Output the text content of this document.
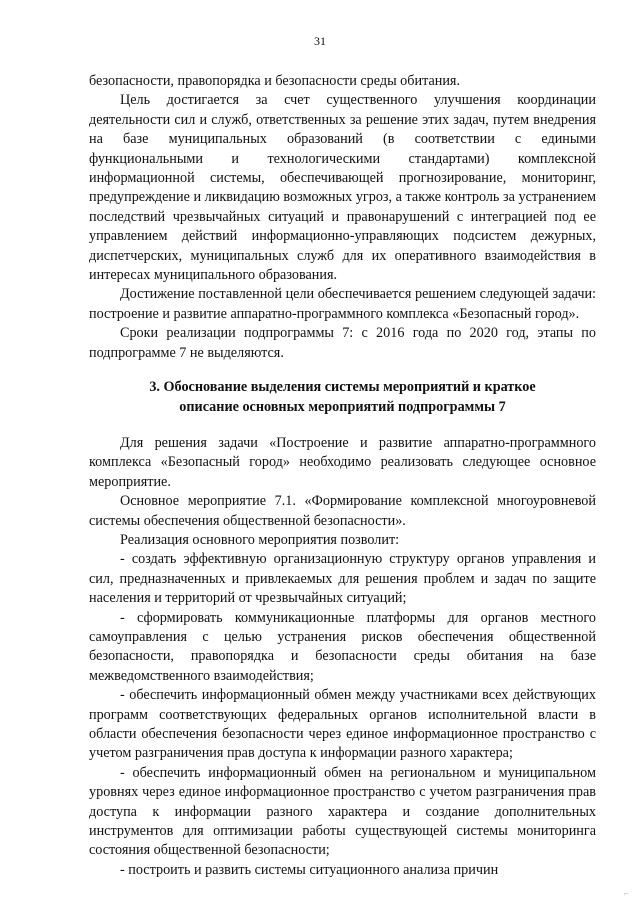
31

безопасности, правопорядка и безопасности среды обитания.

Цель достигается за счет существенного улучшения координации деятельности сил и служб, ответственных за решение этих задач, путем внедрения на базе муниципальных образований (в соответствии с едиными функциональными и технологическими стандартами) комплексной информационной системы, обеспечивающей прогнозирование, мониторинг, предупреждение и ликвидацию возможных угроз, а также контроль за устранением последствий чрезвычайных ситуаций и правонарушений с интеграцией под ее управлением действий информационно-управляющих подсистем дежурных, диспетчерских, муниципальных служб для их оперативного взаимодействия в интересах муниципального образования.

Достижение поставленной цели обеспечивается решением следующей задачи: построение и развитие аппаратно-программного комплекса «Безопасный город».

Сроки реализации подпрограммы 7: с 2016 года по 2020 год, этапы по подпрограмме 7 не выделяются.

3. Обоснование выделения системы мероприятий и краткое
описание основных мероприятий подпрограммы 7

Для решения задачи «Построение и развитие аппаратно-программного комплекса «Безопасный город» необходимо реализовать следующее основное мероприятие.

Основное мероприятие 7.1. «Формирование комплексной многоуровневой системы обеспечения общественной безопасности».

Реализация основного мероприятия позволит:

- создать эффективную организационную структуру органов управления и сил, предназначенных и привлекаемых для решения проблем и задач по защите населения и территорий от чрезвычайных ситуаций;

- сформировать коммуникационные платформы для органов местного самоуправления с целью устранения рисков обеспечения общественной безопасности, правопорядка и безопасности среды обитания на базе межведомственного взаимодействия;

- обеспечить информационный обмен между участниками всех действующих программ соответствующих федеральных органов исполнительной власти в области обеспечения безопасности через единое информационное пространство с учетом разграничения прав доступа к информации разного характера;

- обеспечить информационный обмен на региональном и муниципальном уровнях через единое информационное пространство с учетом разграничения прав доступа к информации разного характера и создание дополнительных инструментов для оптимизации работы существующей системы мониторинга состояния общественной безопасности;

- построить и развить системы ситуационного анализа причин

⌐
